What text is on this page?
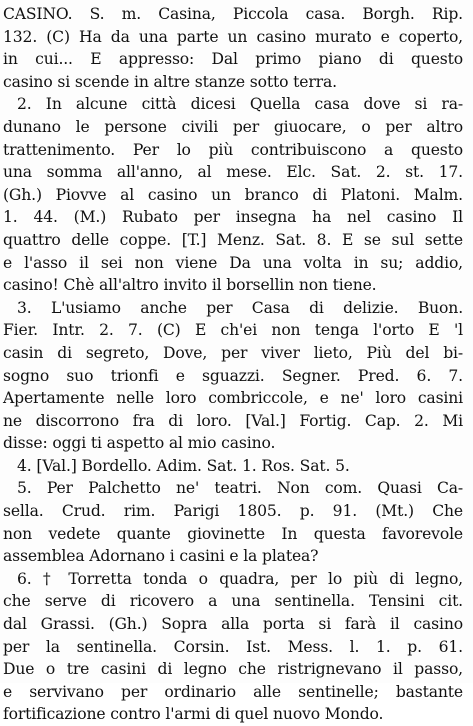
CASINO. S. m. Casina, Piccola casa. Borgh. Rip.
132. (C) Ha da una parte un casino murato e coperto,
in cui... E appresso: Dal primo piano di questo
casino si scende in altre stanze sotto terra.
2. In alcune città dicesi Quella casa dove si ra-
dunano le persone civili per giuocare, o per altro
trattenimento. Per lo più contribuiscono a questo
una somma all'anno, al mese. Elc. Sat. 2. st. 17.
(Gh.) Piovve al casino un branco di Platoni. Malm.
1. 44. (M.) Rubato per insegna ha nel casino Il
quattro delle coppe. [T.] Menz. Sat. 8. E se sul sette
e l'asso il sei non viene Da una volta in su; addio,
casino! Chè all'altro invito il borsellin non tiene.
3. L'usiamo anche per Casa di delizie. Buon.
Fier. Intr. 2. 7. (C) E ch'ei non tenga l'orto E 'l
casin di segreto, Dove, per viver lieto, Più del bi-
sogno suo trionfi e sguazzi. Segner. Pred. 6. 7.
Apertamente nelle loro combriccole, e ne' loro casini
ne discorrono fra di loro. [Val.] Fortig. Cap. 2. Mi
disse: oggi ti aspetto al mio casino.
4. [Val.] Bordello. Adim. Sat. 1. Ros. Sat. 5.
5. Per Palchetto ne' teatri. Non com. Quasi Ca-
sella. Crud. rim. Parigi 1805. p. 91. (Mt.) Che
non vedete quante giovinette In questa favorevole
assemblea Adornano i casini e la platea?
6. † Torretta tonda o quadra, per lo più di legno,
che serve di ricovero a una sentinella. Tensini cit.
dal Grassi. (Gh.) Sopra alla porta si farà il casino
per la sentinella. Corsin. Ist. Mess. l. 1. p. 61.
Due o tre casini di legno che ristrignevano il passo,
e servivano per ordinario alle sentinelle; bastante
fortificazione contro l'armi di quel nuovo Mondo.
